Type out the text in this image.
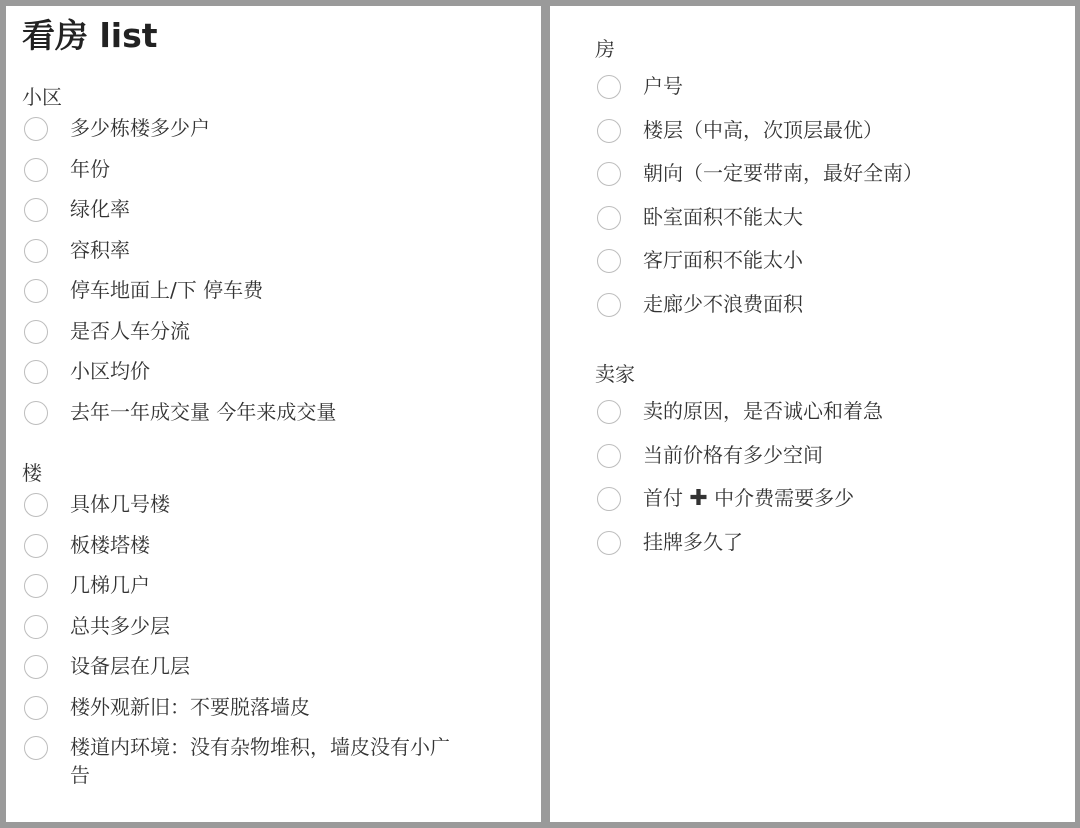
看房 list
小区
多少栋楼多少户
年份
绿化率
容积率
停车地面上/下 停车费
是否人车分流
小区均价
去年一年成交量 今年来成交量
楼
具体几号楼
板楼塔楼
几梯几户
总共多少层
设备层在几层
楼外观新旧：不要脱落墙皮
楼道内环境：没有杂物堆积，墙皮没有小广告
房
户号
楼层（中高，次顶层最优）
朝向（一定要带南，最好全南）
卧室面积不能太大
客厅面积不能太小
走廊少不浪费面积
卖家
卖的原因，是否诚心和着急
当前价格有多少空间
首付 ✚ 中介费需要多少
挂牌多久了
